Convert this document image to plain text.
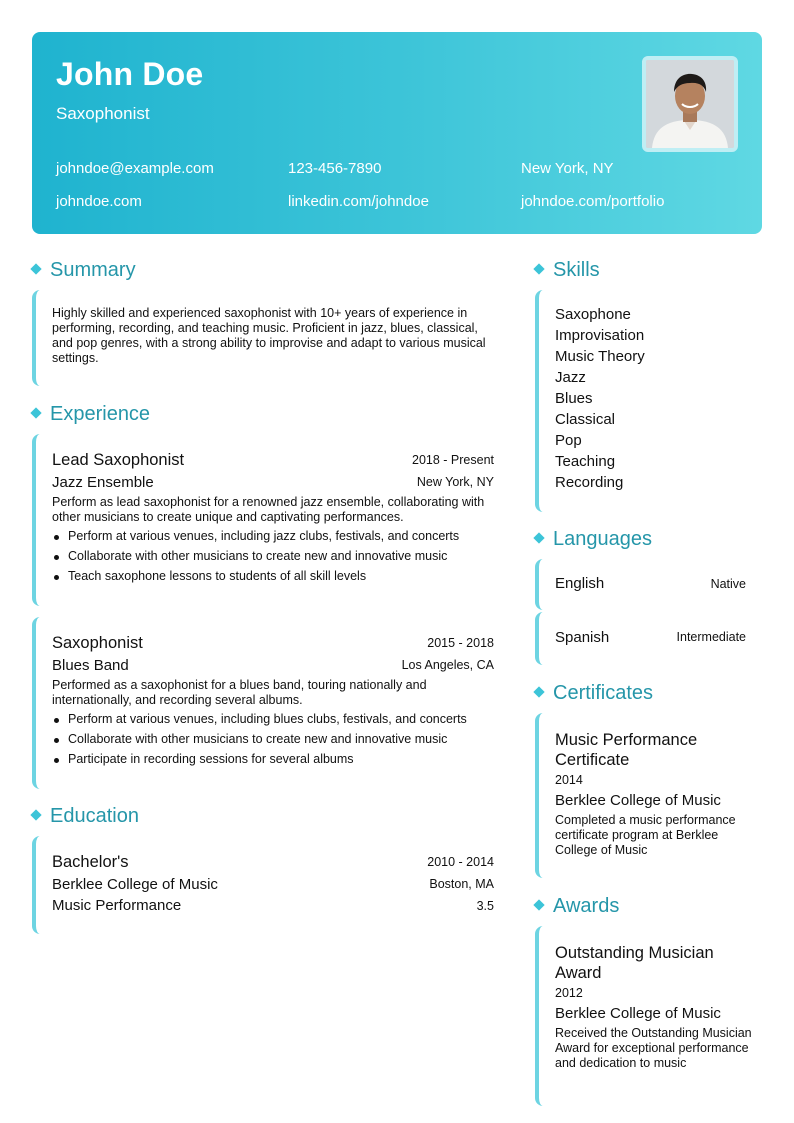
John Doe
Saxophonist
johndoe@example.com	123-456-7890	New York, NY
johndoe.com	linkedin.com/johndoe	johndoe.com/portfolio
Summary
Highly skilled and experienced saxophonist with 10+ years of experience in performing, recording, and teaching music. Proficient in jazz, blues, classical, and pop genres, with a strong ability to improvise and adapt to various musical settings.
Experience
Lead Saxophonist	2018 - Present
Jazz Ensemble	New York, NY
Perform as lead saxophonist for a renowned jazz ensemble, collaborating with other musicians to create unique and captivating performances.
Perform at various venues, including jazz clubs, festivals, and concerts
Collaborate with other musicians to create new and innovative music
Teach saxophone lessons to students of all skill levels
Saxophonist	2015 - 2018
Blues Band	Los Angeles, CA
Performed as a saxophonist for a blues band, touring nationally and internationally, and recording several albums.
Perform at various venues, including blues clubs, festivals, and concerts
Collaborate with other musicians to create new and innovative music
Participate in recording sessions for several albums
Education
Bachelor's	2010 - 2014
Berklee College of Music	Boston, MA
Music Performance	3.5
Skills
Saxophone
Improvisation
Music Theory
Jazz
Blues
Classical
Pop
Teaching
Recording
Languages
English	Native
Spanish	Intermediate
Certificates
Music Performance Certificate
2014
Berklee College of Music
Completed a music performance certificate program at Berklee College of Music
Awards
Outstanding Musician Award
2012
Berklee College of Music
Received the Outstanding Musician Award for exceptional performance and dedication to music
